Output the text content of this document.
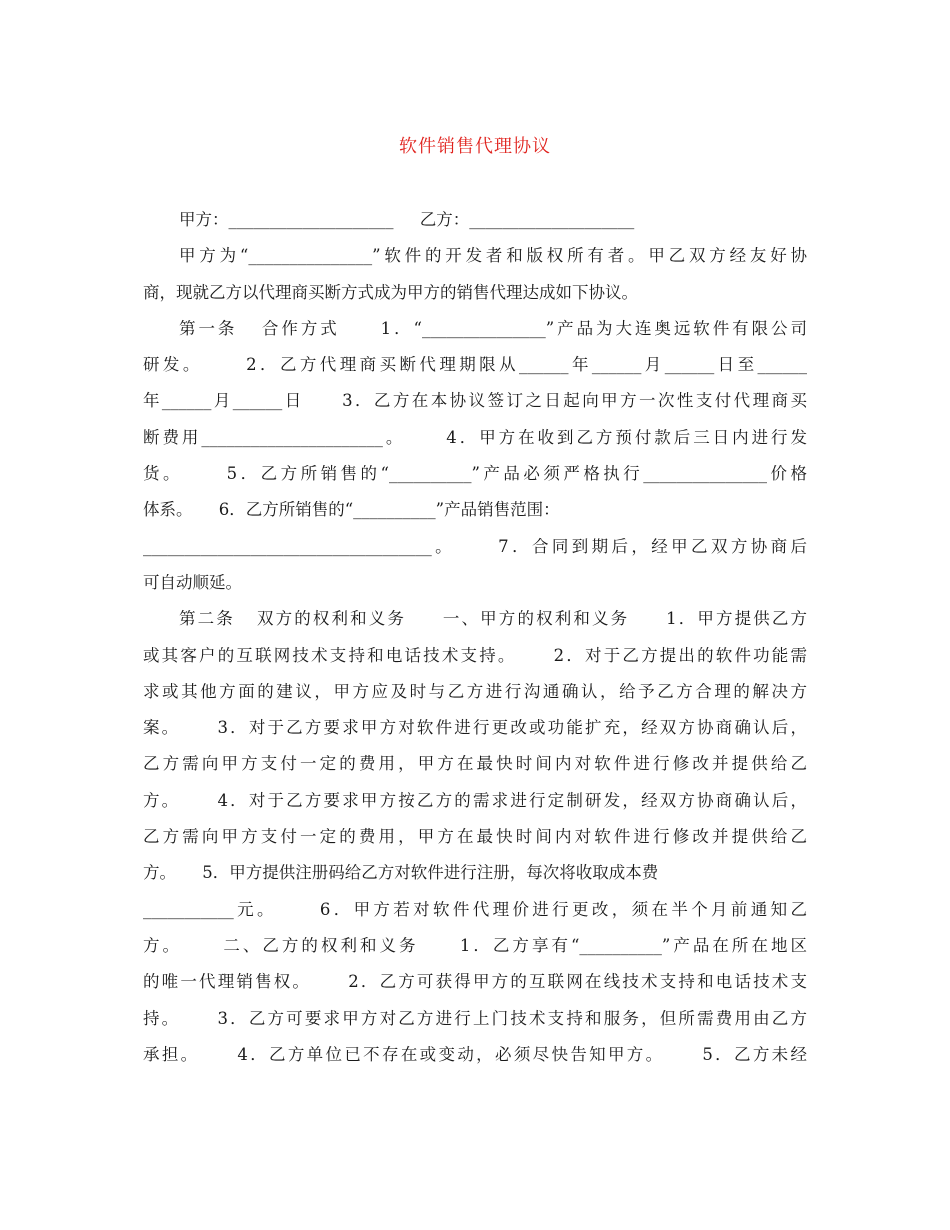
软件销售代理协议
甲方：____________________     乙方：____________________
甲方为“_______________”软件的开发者和版权所有者。甲乙双方经友好协
商，现就乙方以代理商买断方式成为甲方的销售代理达成如下协议。
第一条   合作方式     1．“_______________”产品为大连奥远软件有限公司
研发。     2．乙方代理商买断代理期限从______年______月______日至______
年______月______日     3．乙方在本协议签订之日起向甲方一次性支付代理商买
断费用______________________。     4．甲方在收到乙方预付款后三日内进行发
货。     5．乙方所销售的“__________”产品必须严格执行_______________价格
体系。     6．乙方所销售的“__________”产品销售范围：
___________________________________。     7．合同到期后，经甲乙双方协商后
可自动顺延。
第二条   双方的权利和义务     一、甲方的权利和义务     1．甲方提供乙方
或其客户的互联网技术支持和电话技术支持。     2．对于乙方提出的软件功能需
求或其他方面的建议，甲方应及时与乙方进行沟通确认，给予乙方合理的解决方
案。     3．对于乙方要求甲方对软件进行更改或功能扩充，经双方协商确认后，
乙方需向甲方支付一定的费用，甲方在最快时间内对软件进行修改并提供给乙
方。     4．对于乙方要求甲方按乙方的需求进行定制研发，经双方协商确认后，
乙方需向甲方支付一定的费用，甲方在最快时间内对软件进行修改并提供给乙
方。     5．甲方提供注册码给乙方对软件进行注册，每次将收取成本费
___________元。     6．甲方若对软件代理价进行更改，须在半个月前通知乙
方。     二、乙方的权利和义务     1．乙方享有“__________”产品在所在地区
的唯一代理销售权。     2．乙方可获得甲方的互联网在线技术支持和电话技术支
持。     3．乙方可要求甲方对乙方进行上门技术支持和服务，但所需费用由乙方
承担。     4．乙方单位已不存在或变动，必须尽快告知甲方。     5．乙方未经
